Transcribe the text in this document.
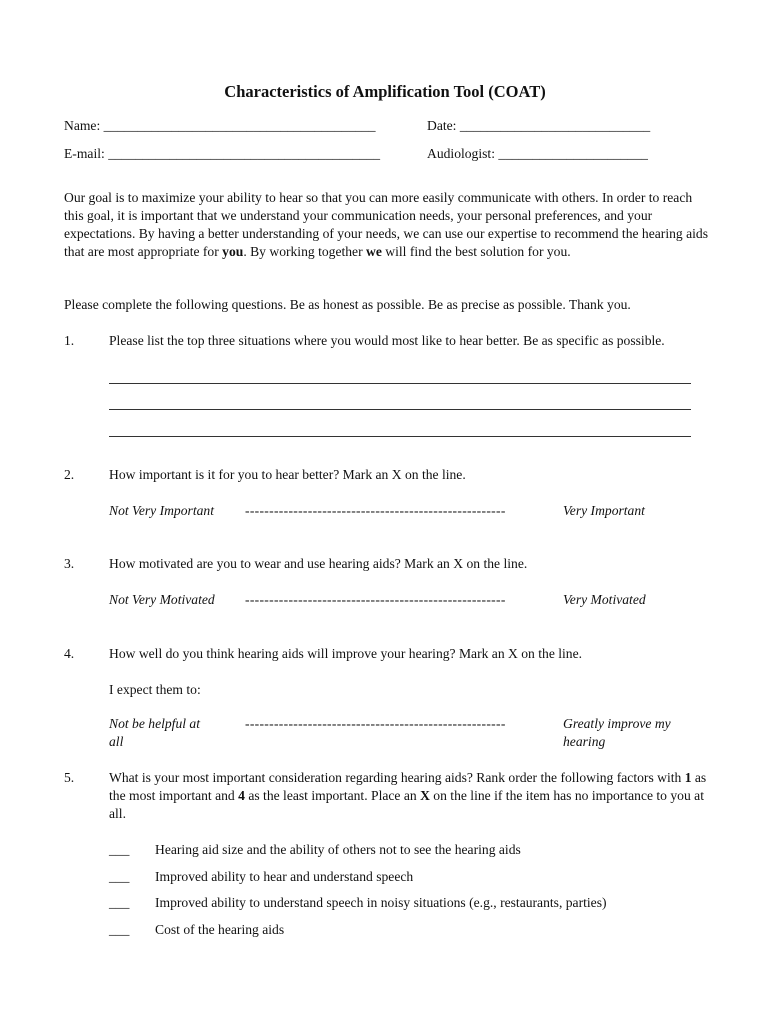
Characteristics of Amplification Tool (COAT)
Name: ________________________________________	Date: ____________________________
E-mail: ________________________________________	Audiologist: ______________________
Our goal is to maximize your ability to hear so that you can more easily communicate with others. In order to reach this goal, it is important that we understand your communication needs, your personal preferences, and your expectations. By having a better understanding of your needs, we can use our expertise to recommend the hearing aids that are most appropriate for you. By working together we will find the best solution for you.
Please complete the following questions. Be as honest as possible. Be as precise as possible. Thank you.
1.	Please list the top three situations where you would most like to hear better. Be as specific as possible.
2.	How important is it for you to hear better? Mark an X on the line.
Not Very Important ------------------------------------------------------	Very Important
3.	How motivated are you to wear and use hearing aids? Mark an X on the line.
Not Very Motivated ------------------------------------------------------	Very Motivated
4.	How well do you think hearing aids will improve your hearing? Mark an X on the line.
I expect them to:
Not be helpful at all
------------------------------------------------------	Greatly improve my hearing
5.	What is your most important consideration regarding hearing aids? Rank order the following factors with 1 as the most important and 4 as the least important. Place an X on the line if the item has no importance to you at all.
___ Hearing aid size and the ability of others not to see the hearing aids
___ Improved ability to hear and understand speech
___ Improved ability to understand speech in noisy situations (e.g., restaurants, parties)
___ Cost of the hearing aids
